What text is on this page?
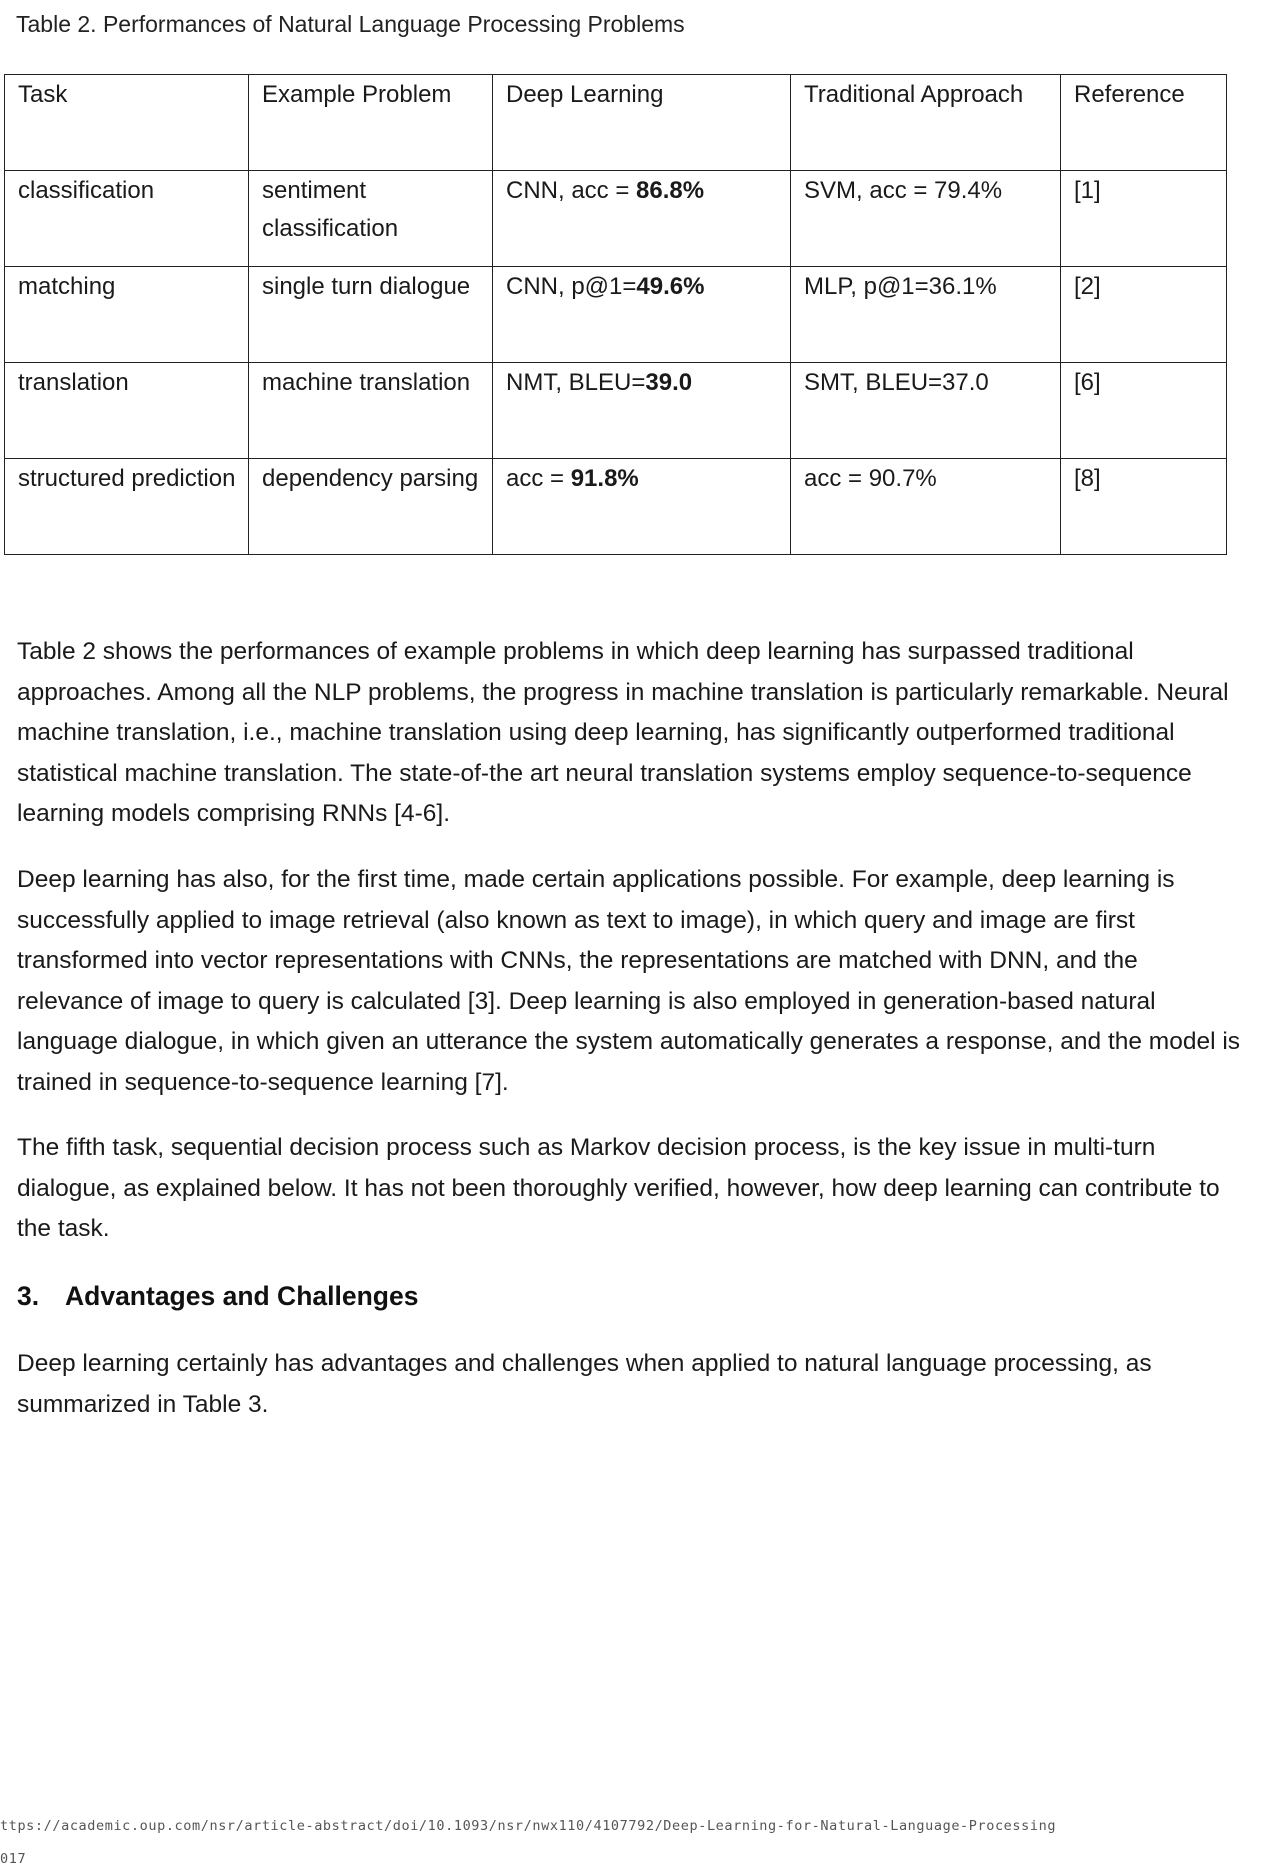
Table 2. Performances of Natural Language Processing Problems
Task	Example Problem	Deep Learning	Traditional Approach	Reference

classification	sentiment classification	CNN, acc = 86.8%	SVM, acc = 79.4%	[1]

matching	single turn dialogue	CNN, p@1=49.6%	MLP, p@1=36.1%	[2]

translation	machine translation	NMT, BLEU=39.0	SMT, BLEU=37.0	[6]

structured prediction	dependency parsing	acc = 91.8%	acc = 90.7%	[8]

Table 2 shows the performances of example problems in which deep learning has surpassed traditional approaches. Among all the NLP problems, the progress in machine translation is particularly remarkable. Neural machine translation, i.e., machine translation using deep learning, has significantly outperformed traditional statistical machine translation. The state-of-the art neural translation systems employ sequence-to-sequence learning models comprising RNNs [4-6].

Deep learning has also, for the first time, made certain applications possible. For example, deep learning is successfully applied to image retrieval (also known as text to image), in which query and image are first transformed into vector representations with CNNs, the representations are matched with DNN, and the relevance of image to query is calculated [3]. Deep learning is also employed in generation-based natural language dialogue, in which given an utterance the system automatically generates a response, and the model is trained in sequence-to-sequence learning [7].

The fifth task, sequential decision process such as Markov decision process, is the key issue in multi-turn dialogue, as explained below. It has not been thoroughly verified, however, how deep learning can contribute to the task.

3. Advantages and Challenges

Deep learning certainly has advantages and challenges when applied to natural language processing, as summarized in Table 3.

ttps://academic.oup.com/nsr/article-abstract/doi/10.1093/nsr/nwx110/4107792/Deep-Learning-for-Natural-Language-Processing
017
